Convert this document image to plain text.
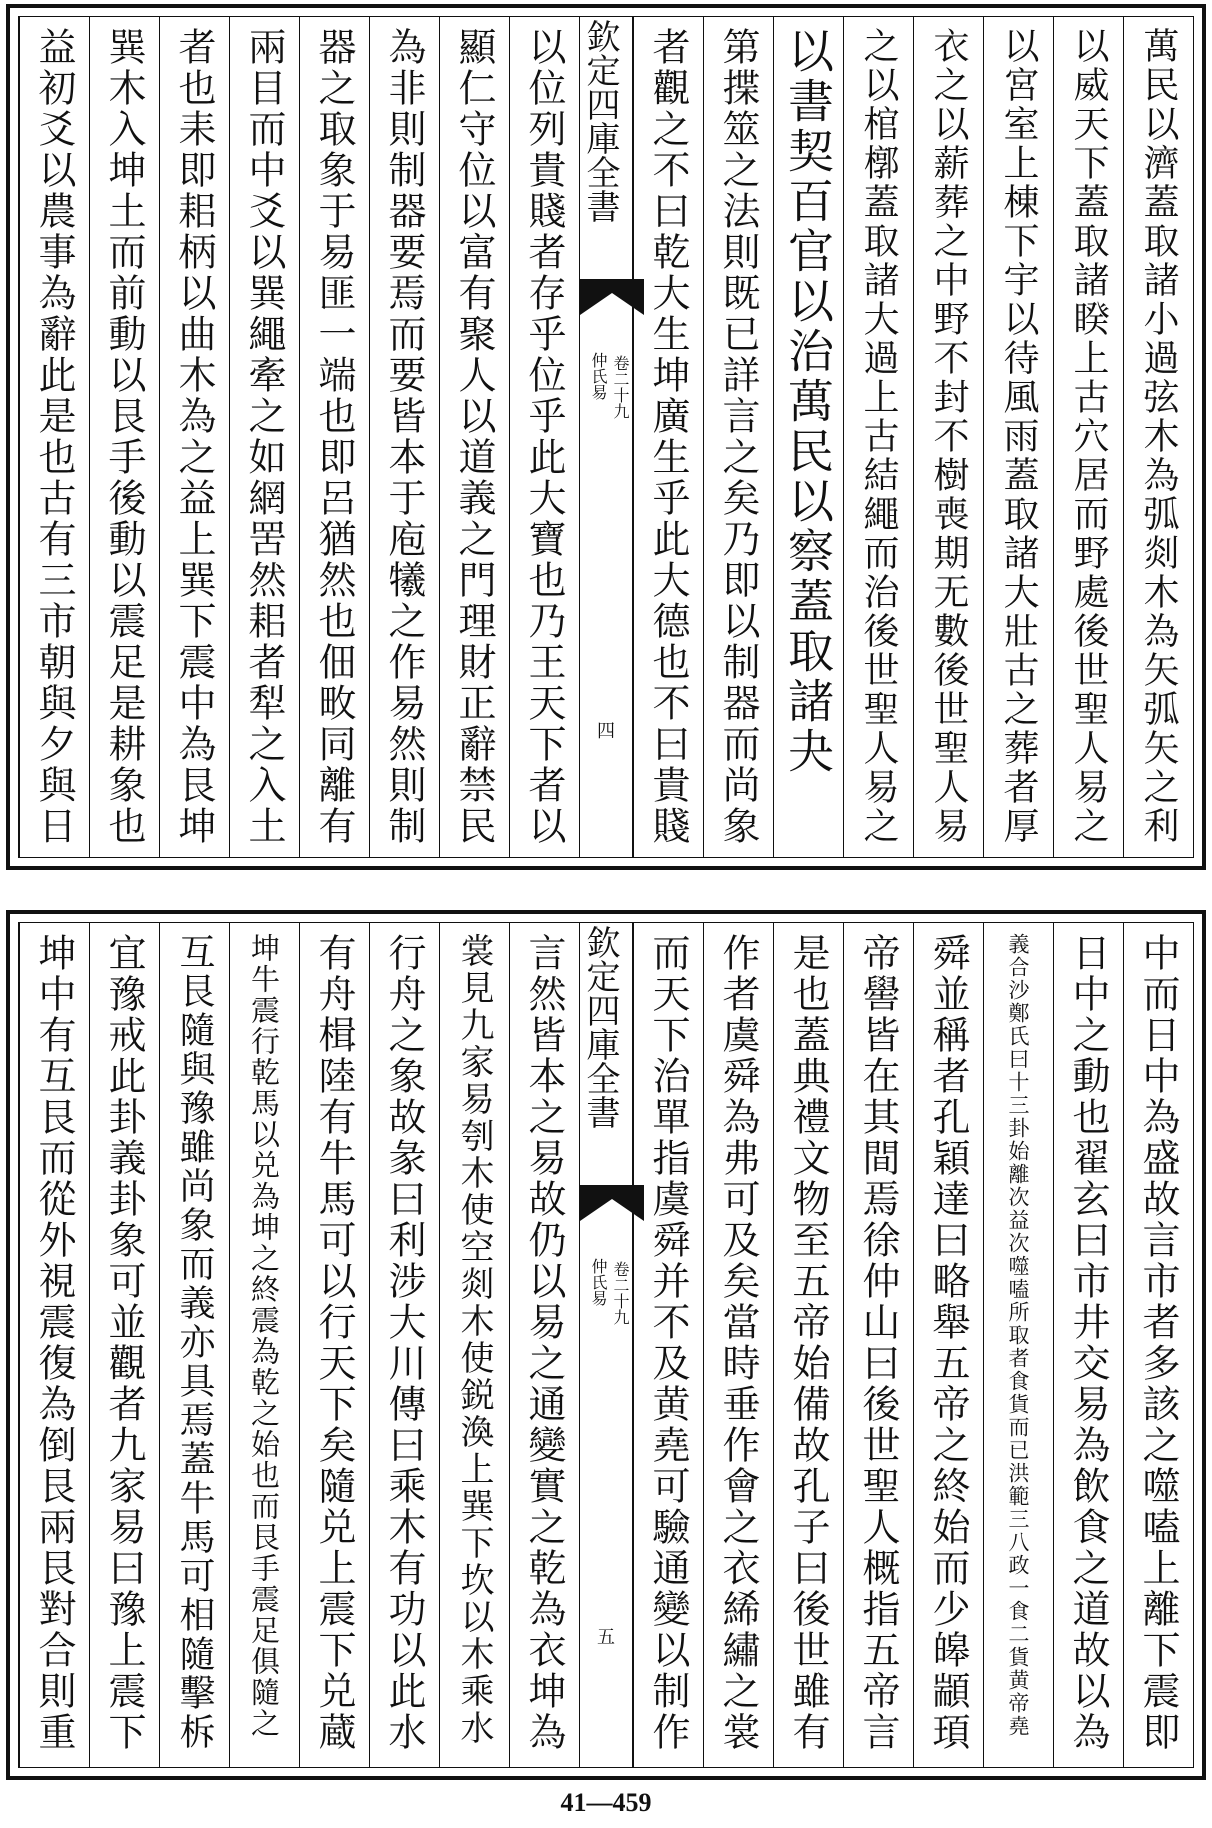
萬民以濟蓋取諸小過弦木為弧剡木為矢弧矢之利
以威天下蓋取諸睽上古穴居而野處後世聖人易之
以宮室上棟下宇以待風雨蓋取諸大壯古之葬者厚
衣之以薪葬之中野不封不樹喪期无數後世聖人易
之以棺槨蓋取諸大過上古結繩而治後世聖人易之
以書契百官以治萬民以察蓋取諸夬
第揲筮之法則既已詳言之矣乃即以制器而尚象
者觀之不曰乾大生坤廣生乎此大德也不曰貴賤
欽定四庫全書
仲氏易 卷二十九
四
以位列貴賤者存乎位乎此大寶也乃王天下者以
顯仁守位以富有聚人以道義之門理財正辭禁民
為非則制器要焉而要皆本于庖犧之作易然則制
器之取象于易匪一端也即呂猶然也佃畋同離有
兩目而中爻以巽繩牽之如網罟然耜者犁之入土
者也耒即耜柄以曲木為之益上巽下震中為艮坤
巽木入坤土而前動以艮手後動以震足是耕象也
益初爻以農事為辭此是也古有三市朝與夕與日
中而日中為盛故言市者多該之噬嗑上離下震即
日中之動也翟玄曰市井交易為飲食之道故以為
義合沙鄭氏曰十三卦始離次益次噬嗑所取者食貨而已洪範三八政一食二貨黄帝堯
舜並稱者孔穎達曰略舉五帝之終始而少皞顓頊
帝嚳皆在其間焉徐仲山曰後世聖人概指五帝言
是也蓋典禮文物至五帝始備故孔子曰後世雖有
作者虞舜為弗可及矣當時垂作會之衣絺繡之裳
而天下治單指虞舜并不及黄堯可驗通變以制作
欽定四庫全書
仲氏易 卷二十九
五
言然皆本之易故仍以易之通變實之乾為衣坤為
裳見九家易刳木使空剡木使鋭渙上巽下坎以木乘水
行舟之象故彖曰利涉大川傳曰乘木有功以此水
有舟楫陸有牛馬可以行天下矣隨兑上震下兑蔵
坤牛震行乾馬以兑為坤之終震為乾之始也而艮手震足俱隨之
互艮隨與豫雖尚象而義亦具焉蓋牛馬可相隨擊柝
宜豫戒此卦義卦象可並觀者九家易曰豫上震下
坤中有互艮而從外視震復為倒艮兩艮對合則重
41—459
